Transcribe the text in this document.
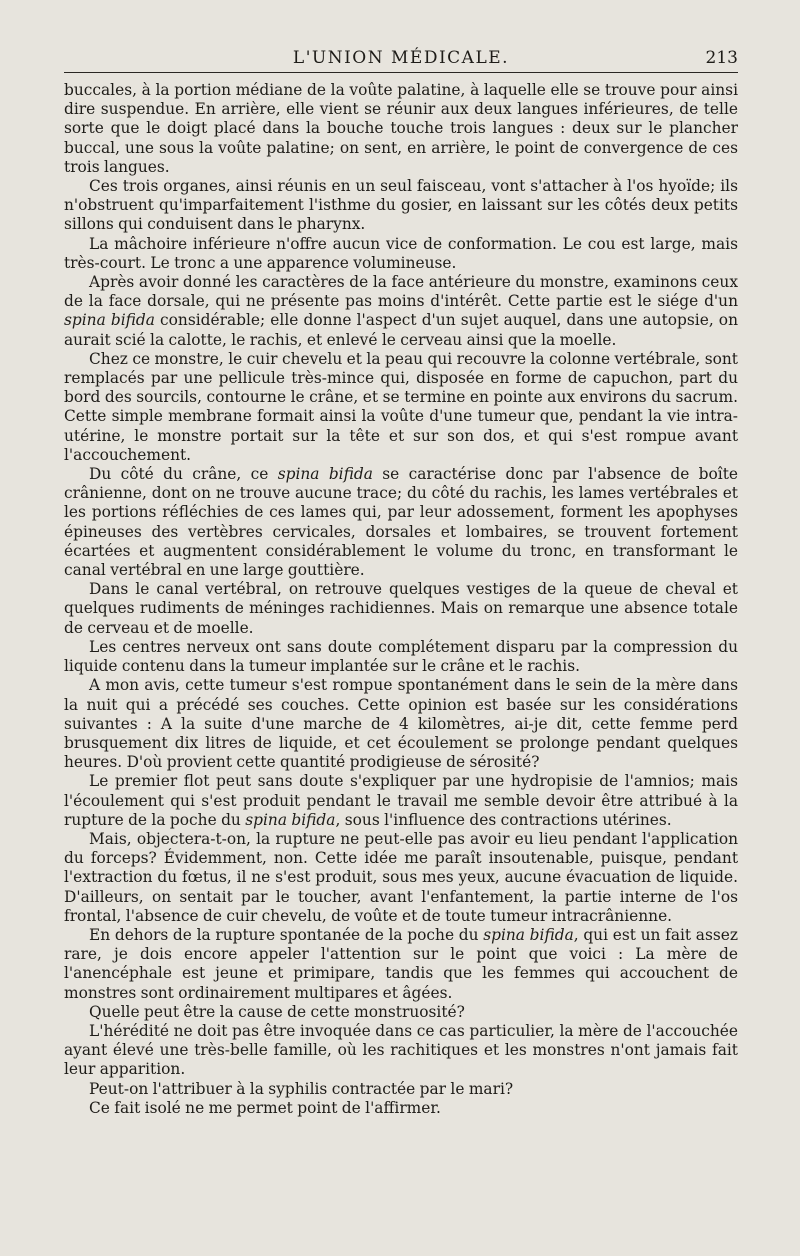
L'UNION MÉDICALE.	213

buccales, à la portion médiane de la voûte palatine, à laquelle elle se trouve pour ainsi dire suspendue. En arrière, elle vient se réunir aux deux langues inférieures, de telle sorte que le doigt placé dans la bouche touche trois langues : deux sur le plancher buccal, une sous la voûte palatine; on sent, en arrière, le point de convergence de ces trois langues.

Ces trois organes, ainsi réunis en un seul faisceau, vont s'attacher à l'os hyoïde; ils n'obstruent qu'imparfaitement l'isthme du gosier, en laissant sur les côtés deux petits sillons qui conduisent dans le pharynx.

La mâchoire inférieure n'offre aucun vice de conformation. Le cou est large, mais très-court. Le tronc a une apparence volumineuse.

Après avoir donné les caractères de la face antérieure du monstre, examinons ceux de la face dorsale, qui ne présente pas moins d'intérêt. Cette partie est le siége d'un spina bifida considérable; elle donne l'aspect d'un sujet auquel, dans une autopsie, on aurait scié la calotte, le rachis, et enlevé le cerveau ainsi que la moelle.

Chez ce monstre, le cuir chevelu et la peau qui recouvre la colonne vertébrale, sont remplacés par une pellicule très-mince qui, disposée en forme de capuchon, part du bord des sourcils, contourne le crâne, et se termine en pointe aux environs du sacrum. Cette simple membrane formait ainsi la voûte d'une tumeur que, pendant la vie intra-utérine, le monstre portait sur la tête et sur son dos, et qui s'est rompue avant l'accouchement.

Du côté du crâne, ce spina bifida se caractérise donc par l'absence de boîte crânienne, dont on ne trouve aucune trace; du côté du rachis, les lames vertébrales et les portions réfléchies de ces lames qui, par leur adossement, forment les apophyses épineuses des vertèbres cervicales, dorsales et lombaires, se trouvent fortement écartées et augmentent considérablement le volume du tronc, en transformant le canal vertébral en une large gouttière.

Dans le canal vertébral, on retrouve quelques vestiges de la queue de cheval et quelques rudiments de méninges rachidiennes. Mais on remarque une absence totale de cerveau et de moelle.

Les centres nerveux ont sans doute complétement disparu par la compression du liquide contenu dans la tumeur implantée sur le crâne et le rachis.

A mon avis, cette tumeur s'est rompue spontanément dans le sein de la mère dans la nuit qui a précédé ses couches. Cette opinion est basée sur les considérations suivantes : A la suite d'une marche de 4 kilomètres, ai-je dit, cette femme perd brusquement dix litres de liquide, et cet écoulement se prolonge pendant quelques heures. D'où provient cette quantité prodigieuse de sérosité?

Le premier flot peut sans doute s'expliquer par une hydropisie de l'amnios; mais l'écoulement qui s'est produit pendant le travail me semble devoir être attribué à la rupture de la poche du spina bifida, sous l'influence des contractions utérines.

Mais, objectera-t-on, la rupture ne peut-elle pas avoir eu lieu pendant l'application du forceps? Évidemment, non. Cette idée me paraît insoutenable, puisque, pendant l'extraction du fœtus, il ne s'est produit, sous mes yeux, aucune évacuation de liquide. D'ailleurs, on sentait par le toucher, avant l'enfantement, la partie interne de l'os frontal, l'absence de cuir chevelu, de voûte et de toute tumeur intracrânienne.

En dehors de la rupture spontanée de la poche du spina bifida, qui est un fait assez rare, je dois encore appeler l'attention sur le point que voici : La mère de l'anencéphale est jeune et primipare, tandis que les femmes qui accouchent de monstres sont ordinairement multipares et âgées.

Quelle peut être la cause de cette monstruosité?

L'hérédité ne doit pas être invoquée dans ce cas particulier, la mère de l'accouchée ayant élevé une très-belle famille, où les rachitiques et les monstres n'ont jamais fait leur apparition.

Peut-on l'attribuer à la syphilis contractée par le mari?

Ce fait isolé ne me permet point de l'affirmer.
